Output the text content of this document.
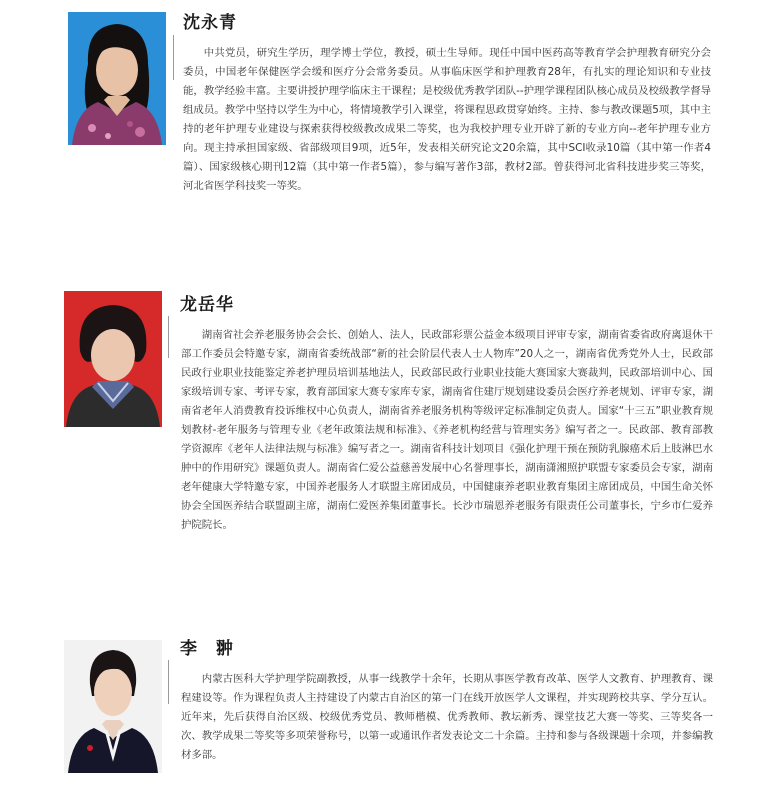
沈永青

中共党员，研究生学历，理学博士学位，教授，硕士生导师。现任中国中医药高等教育学会护理教育研究分会委员，中国老年保健医学会缓和医疗分会常务委员。从事临床医学和护理教育28年，有扎实的理论知识和专业技能，教学经验丰富。主要讲授护理学临床主干课程；是校级优秀教学团队--护理学课程团队核心成员及校级教学督导组成员。教学中坚持以学生为中心，将情境教学引入课堂，将课程思政贯穿始终。主持、参与教改课题5项，其中主持的老年护理专业建设与探索获得校级教改成果二等奖，也为我校护理专业开辟了新的专业方向--老年护理专业方向。现主持承担国家级、省部级项目9项，近5年，发表相关研究论文20余篇，其中SCI收录10篇（其中第一作者4篇）、国家级核心期刊12篇（其中第一作者5篇），参与编写著作3部，教材2部。曾获得河北省科技进步奖三等奖，河北省医学科技奖一等奖。

龙岳华

湖南省社会养老服务协会会长、创始人、法人，民政部彩票公益金本级项目评审专家，湖南省委省政府离退休干部工作委员会特邀专家，湖南省委统战部“新的社会阶层代表人士人物库”20人之一，湖南省优秀党外人士，民政部民政行业职业技能鉴定养老护理员培训基地法人，民政部民政行业职业技能大赛国家大赛裁判，民政部培训中心、国家级培训专家、考评专家，教育部国家大赛专家库专家，湖南省住建厅规划建设委员会医疗养老规划、评审专家，湖南省老年人消费教育投诉维权中心负责人，湖南省养老服务机构等级评定标准制定负责人。国家“十三五”职业教育规划教材-老年服务与管理专业《老年政策法规和标准》、《养老机构经营与管理实务》编写者之一。民政部、教育部教学资源库《老年人法律法规与标准》编写者之一。湖南省科技计划项目《强化护理干预在预防乳腺癌术后上肢淋巴水肿中的作用研究》课题负责人。湖南省仁爱公益慈善发展中心名誉理事长，湖南潇湘照护联盟专家委员会专家，湖南老年健康大学特邀专家，中国养老服务人才联盟主席团成员，中国健康养老职业教育集团主席团成员，中国生命关怀协会全国医养结合联盟副主席，湖南仁爱医养集团董事长。长沙市瑞恩养老服务有限责任公司董事长，宁乡市仁爱养护院院长。

李　翀

内蒙古医科大学护理学院副教授，从事一线教学十余年，长期从事医学教育改革、医学人文教育、护理教育、课程建设等。作为课程负责人主持建设了内蒙古自治区的第一门在线开放医学人文课程，并实现跨校共享、学分互认。近年来，先后获得自治区级、校级优秀党员、教师楷模、优秀教师、教坛新秀、课堂技艺大赛一等奖、三等奖各一次、教学成果二等奖等多项荣誉称号，以第一或通讯作者发表论文二十余篇。主持和参与各级课题十余项，并参编教材多部。
